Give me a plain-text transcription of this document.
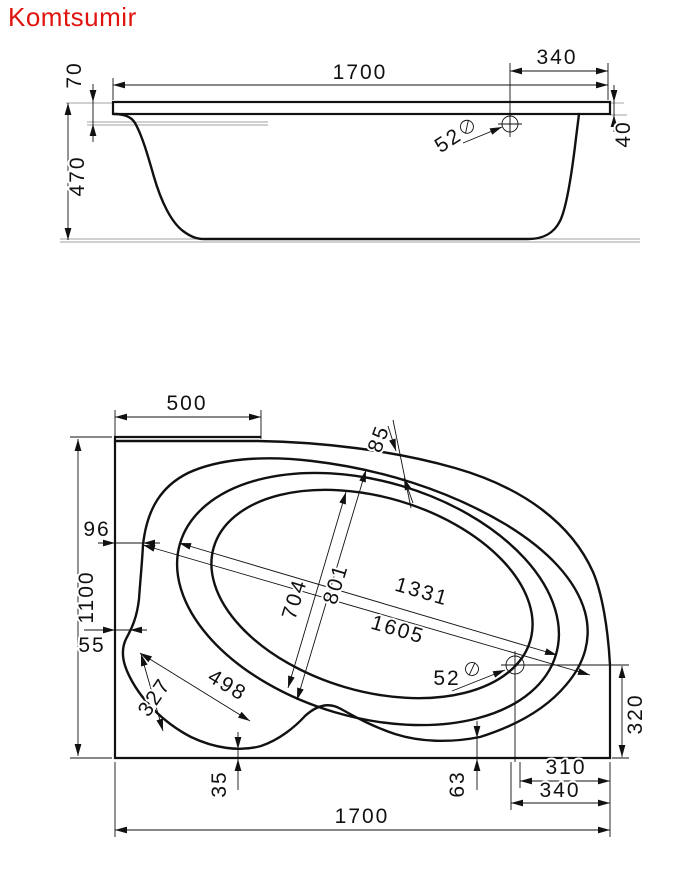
Komtsumir
1700
340
70
470
40
52
500
1100
96
55
327 498
35	63
1331
1605
704 801
85
52
320
310
340
1700
